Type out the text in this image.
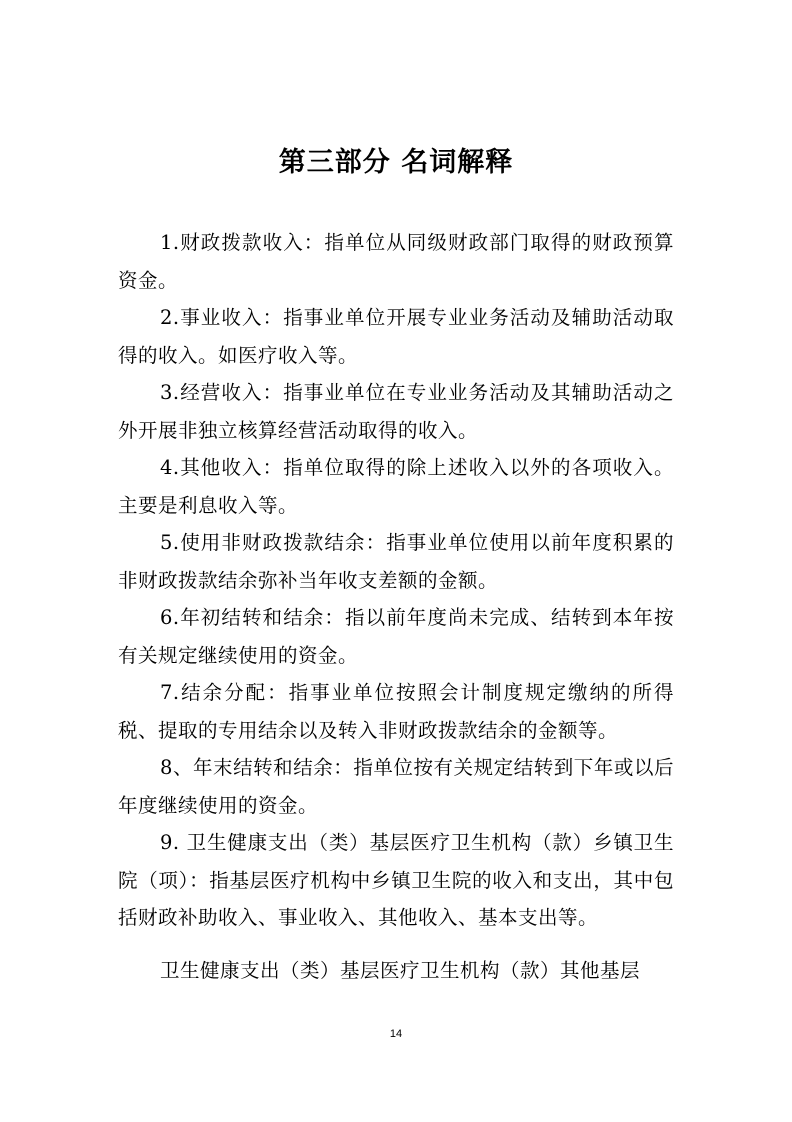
第三部分 名词解释

1.财政拨款收入：指单位从同级财政部门取得的财政预算资金。

2.事业收入：指事业单位开展专业业务活动及辅助活动取得的收入。如医疗收入等。

3.经营收入：指事业单位在专业业务活动及其辅助活动之外开展非独立核算经营活动取得的收入。

4.其他收入：指单位取得的除上述收入以外的各项收入。主要是利息收入等。

5.使用非财政拨款结余：指事业单位使用以前年度积累的非财政拨款结余弥补当年收支差额的金额。

6.年初结转和结余：指以前年度尚未完成、结转到本年按有关规定继续使用的资金。

7.结余分配：指事业单位按照会计制度规定缴纳的所得税、提取的专用结余以及转入非财政拨款结余的金额等。

8、年末结转和结余：指单位按有关规定结转到下年或以后年度继续使用的资金。

9. 卫生健康支出（类）基层医疗卫生机构（款）乡镇卫生院（项）：指基层医疗机构中乡镇卫生院的收入和支出，其中包括财政补助收入、事业收入、其他收入、基本支出等。

卫生健康支出（类）基层医疗卫生机构（款）其他基层

14
